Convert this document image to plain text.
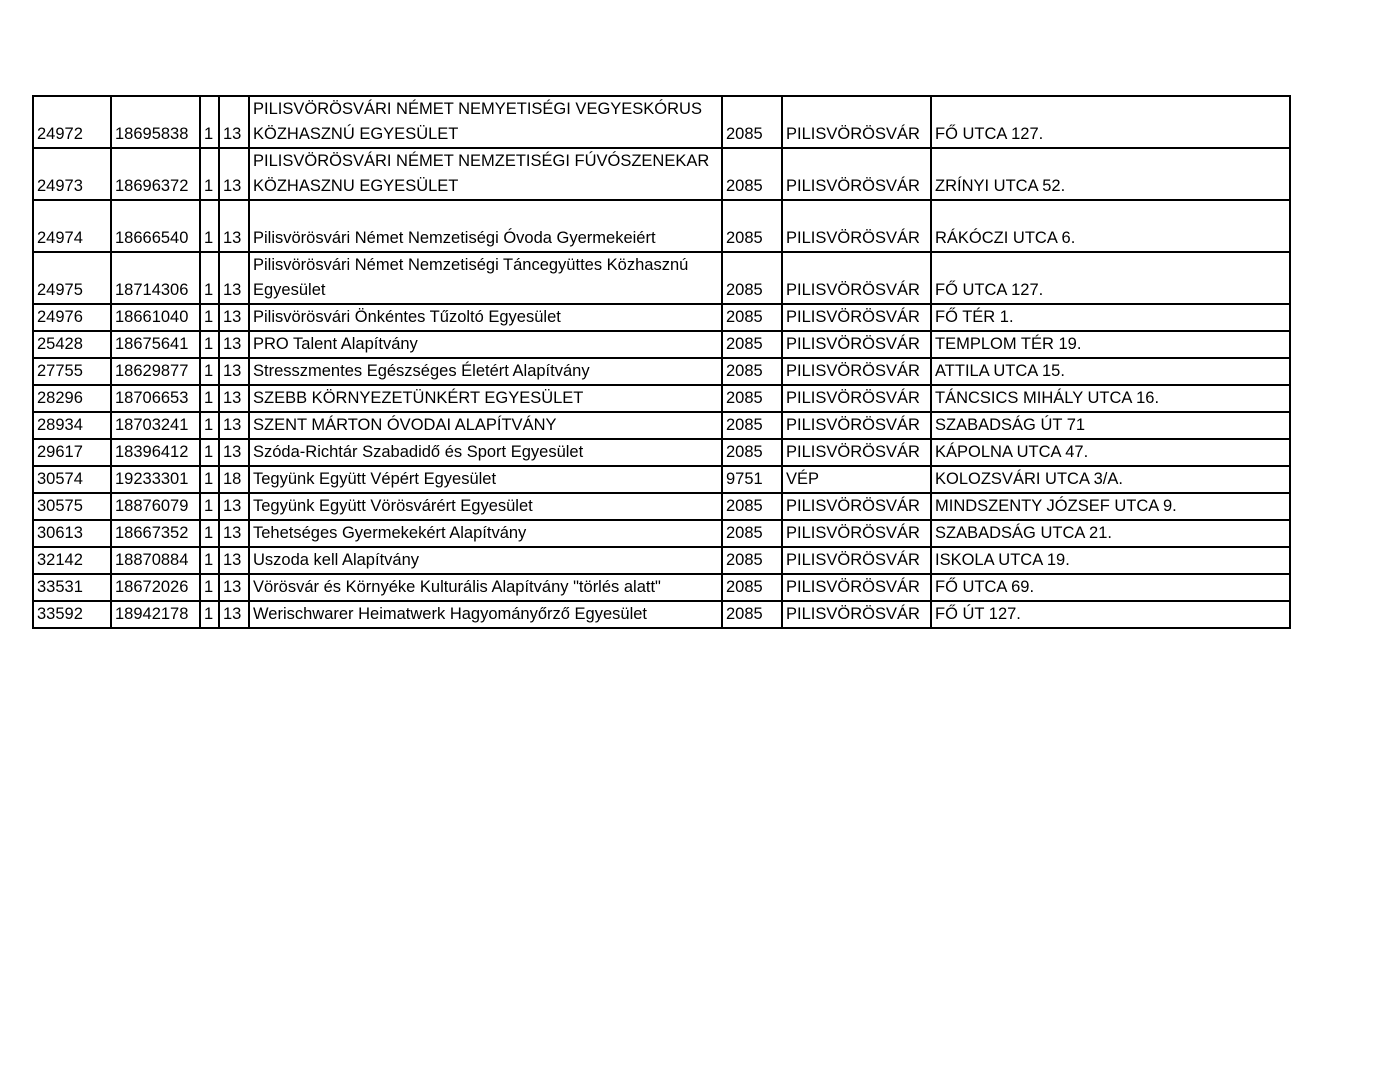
24972	18695838	1	13	PILISVÖRÖSVÁRI NÉMET NEMYETISÉGI VEGYESKÓRUS KÖZHASZNÚ EGYESÜLET	2085	PILISVÖRÖSVÁR	FŐ UTCA 127.
24973	18696372	1	13	PILISVÖRÖSVÁRI NÉMET NEMZETISÉGI FÚVÓSZENEKAR KÖZHASZNU EGYESÜLET	2085	PILISVÖRÖSVÁR	ZRÍNYI UTCA 52.
24974	18666540	1	13	Pilisvörösvári Német Nemzetiségi Óvoda Gyermekeiért	2085	PILISVÖRÖSVÁR	RÁKÓCZI UTCA 6.
24975	18714306	1	13	Pilisvörösvári Német Nemzetiségi Táncegyüttes Közhasznú Egyesület	2085	PILISVÖRÖSVÁR	FŐ UTCA 127.
24976	18661040	1	13	Pilisvörösvári Önkéntes Tűzoltó Egyesület	2085	PILISVÖRÖSVÁR	FŐ TÉR 1.
25428	18675641	1	13	PRO Talent Alapítvány	2085	PILISVÖRÖSVÁR	TEMPLOM TÉR 19.
27755	18629877	1	13	Stresszmentes Egészséges Életért Alapítvány	2085	PILISVÖRÖSVÁR	ATTILA UTCA 15.
28296	18706653	1	13	SZEBB KÖRNYEZETÜNKÉRT EGYESÜLET	2085	PILISVÖRÖSVÁR	TÁNCSICS MIHÁLY UTCA 16.
28934	18703241	1	13	SZENT MÁRTON ÓVODAI ALAPÍTVÁNY	2085	PILISVÖRÖSVÁR	SZABADSÁG ÚT 71
29617	18396412	1	13	Szóda-Richtár Szabadidő és Sport Egyesület	2085	PILISVÖRÖSVÁR	KÁPOLNA UTCA 47.
30574	19233301	1	18	Tegyünk Együtt Vépért Egyesület	9751	VÉP	KOLOZSVÁRI UTCA 3/A.
30575	18876079	1	13	Tegyünk Együtt Vörösvárért Egyesület	2085	PILISVÖRÖSVÁR	MINDSZENTY JÓZSEF UTCA 9.
30613	18667352	1	13	Tehetséges Gyermekekért Alapítvány	2085	PILISVÖRÖSVÁR	SZABADSÁG UTCA 21.
32142	18870884	1	13	Uszoda kell Alapítvány	2085	PILISVÖRÖSVÁR	ISKOLA UTCA 19.
33531	18672026	1	13	Vörösvár és Környéke Kulturális Alapítvány "törlés alatt"	2085	PILISVÖRÖSVÁR	FŐ UTCA 69.
33592	18942178	1	13	Werischwarer Heimatwerk Hagyományőrző Egyesület	2085	PILISVÖRÖSVÁR	FŐ ÚT 127.
